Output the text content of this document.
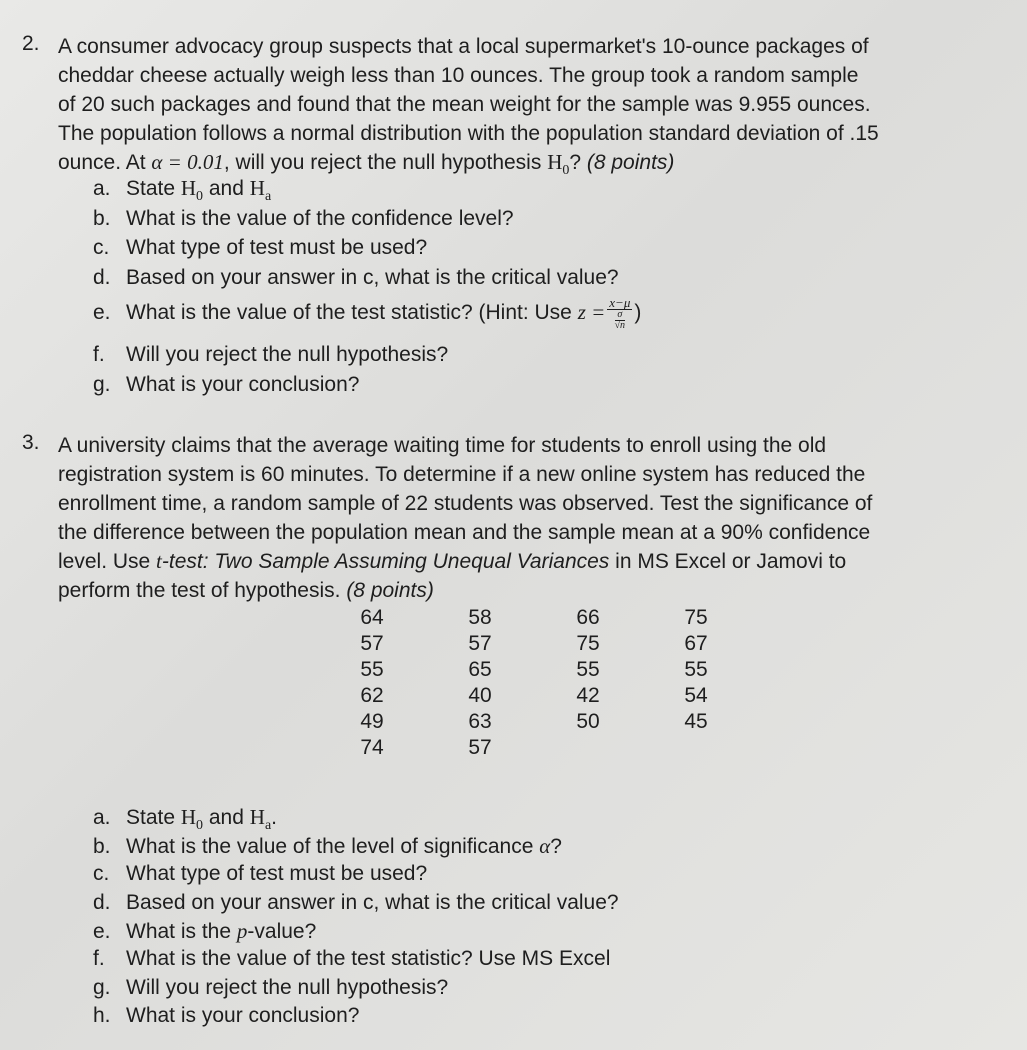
2. A consumer advocacy group suspects that a local supermarket's 10-ounce packages of
cheddar cheese actually weigh less than 10 ounces. The group took a random sample
of 20 such packages and found that the mean weight for the sample was 9.955 ounces.
The population follows a normal distribution with the population standard deviation of .15
ounce. At α = 0.01, will you reject the null hypothesis $H_0$? (8 points)
a. State $H_0$ and $H_a$
b. What is the value of the confidence level?
c. What type of test must be used?
d. Based on your answer in c, what is the critical value?
e. What is the value of the test statistic? (Hint: Use $z = \frac{x-\mu}{\frac{\sigma}{√n}}$ )
f. Will you reject the null hypothesis?
g. What is your conclusion?
3. A university claims that the average waiting time for students to enroll using the old
registration system is 60 minutes. To determine if a new online system has reduced the
enrollment time, a random sample of 22 students was observed. Test the significance of
the difference between the population mean and the sample mean at a 90% confidence
level. Use t-test: Two Sample Assuming Unequal Variances in MS Excel or Jamovi to
perform the test of hypothesis. (8 points)
64	58	66	75
57	57	75	67
55	65	55	55
62	40	42	54
49	63	50	45
74	57		
a. State $H_0$ and $H_a$.
b. What is the value of the level of significance α?
c. What type of test must be used?
d. Based on your answer in c, what is the critical value?
e. What is the p-value?
f. What is the value of the test statistic? Use MS Excel
g. Will you reject the null hypothesis?
h. What is your conclusion?
